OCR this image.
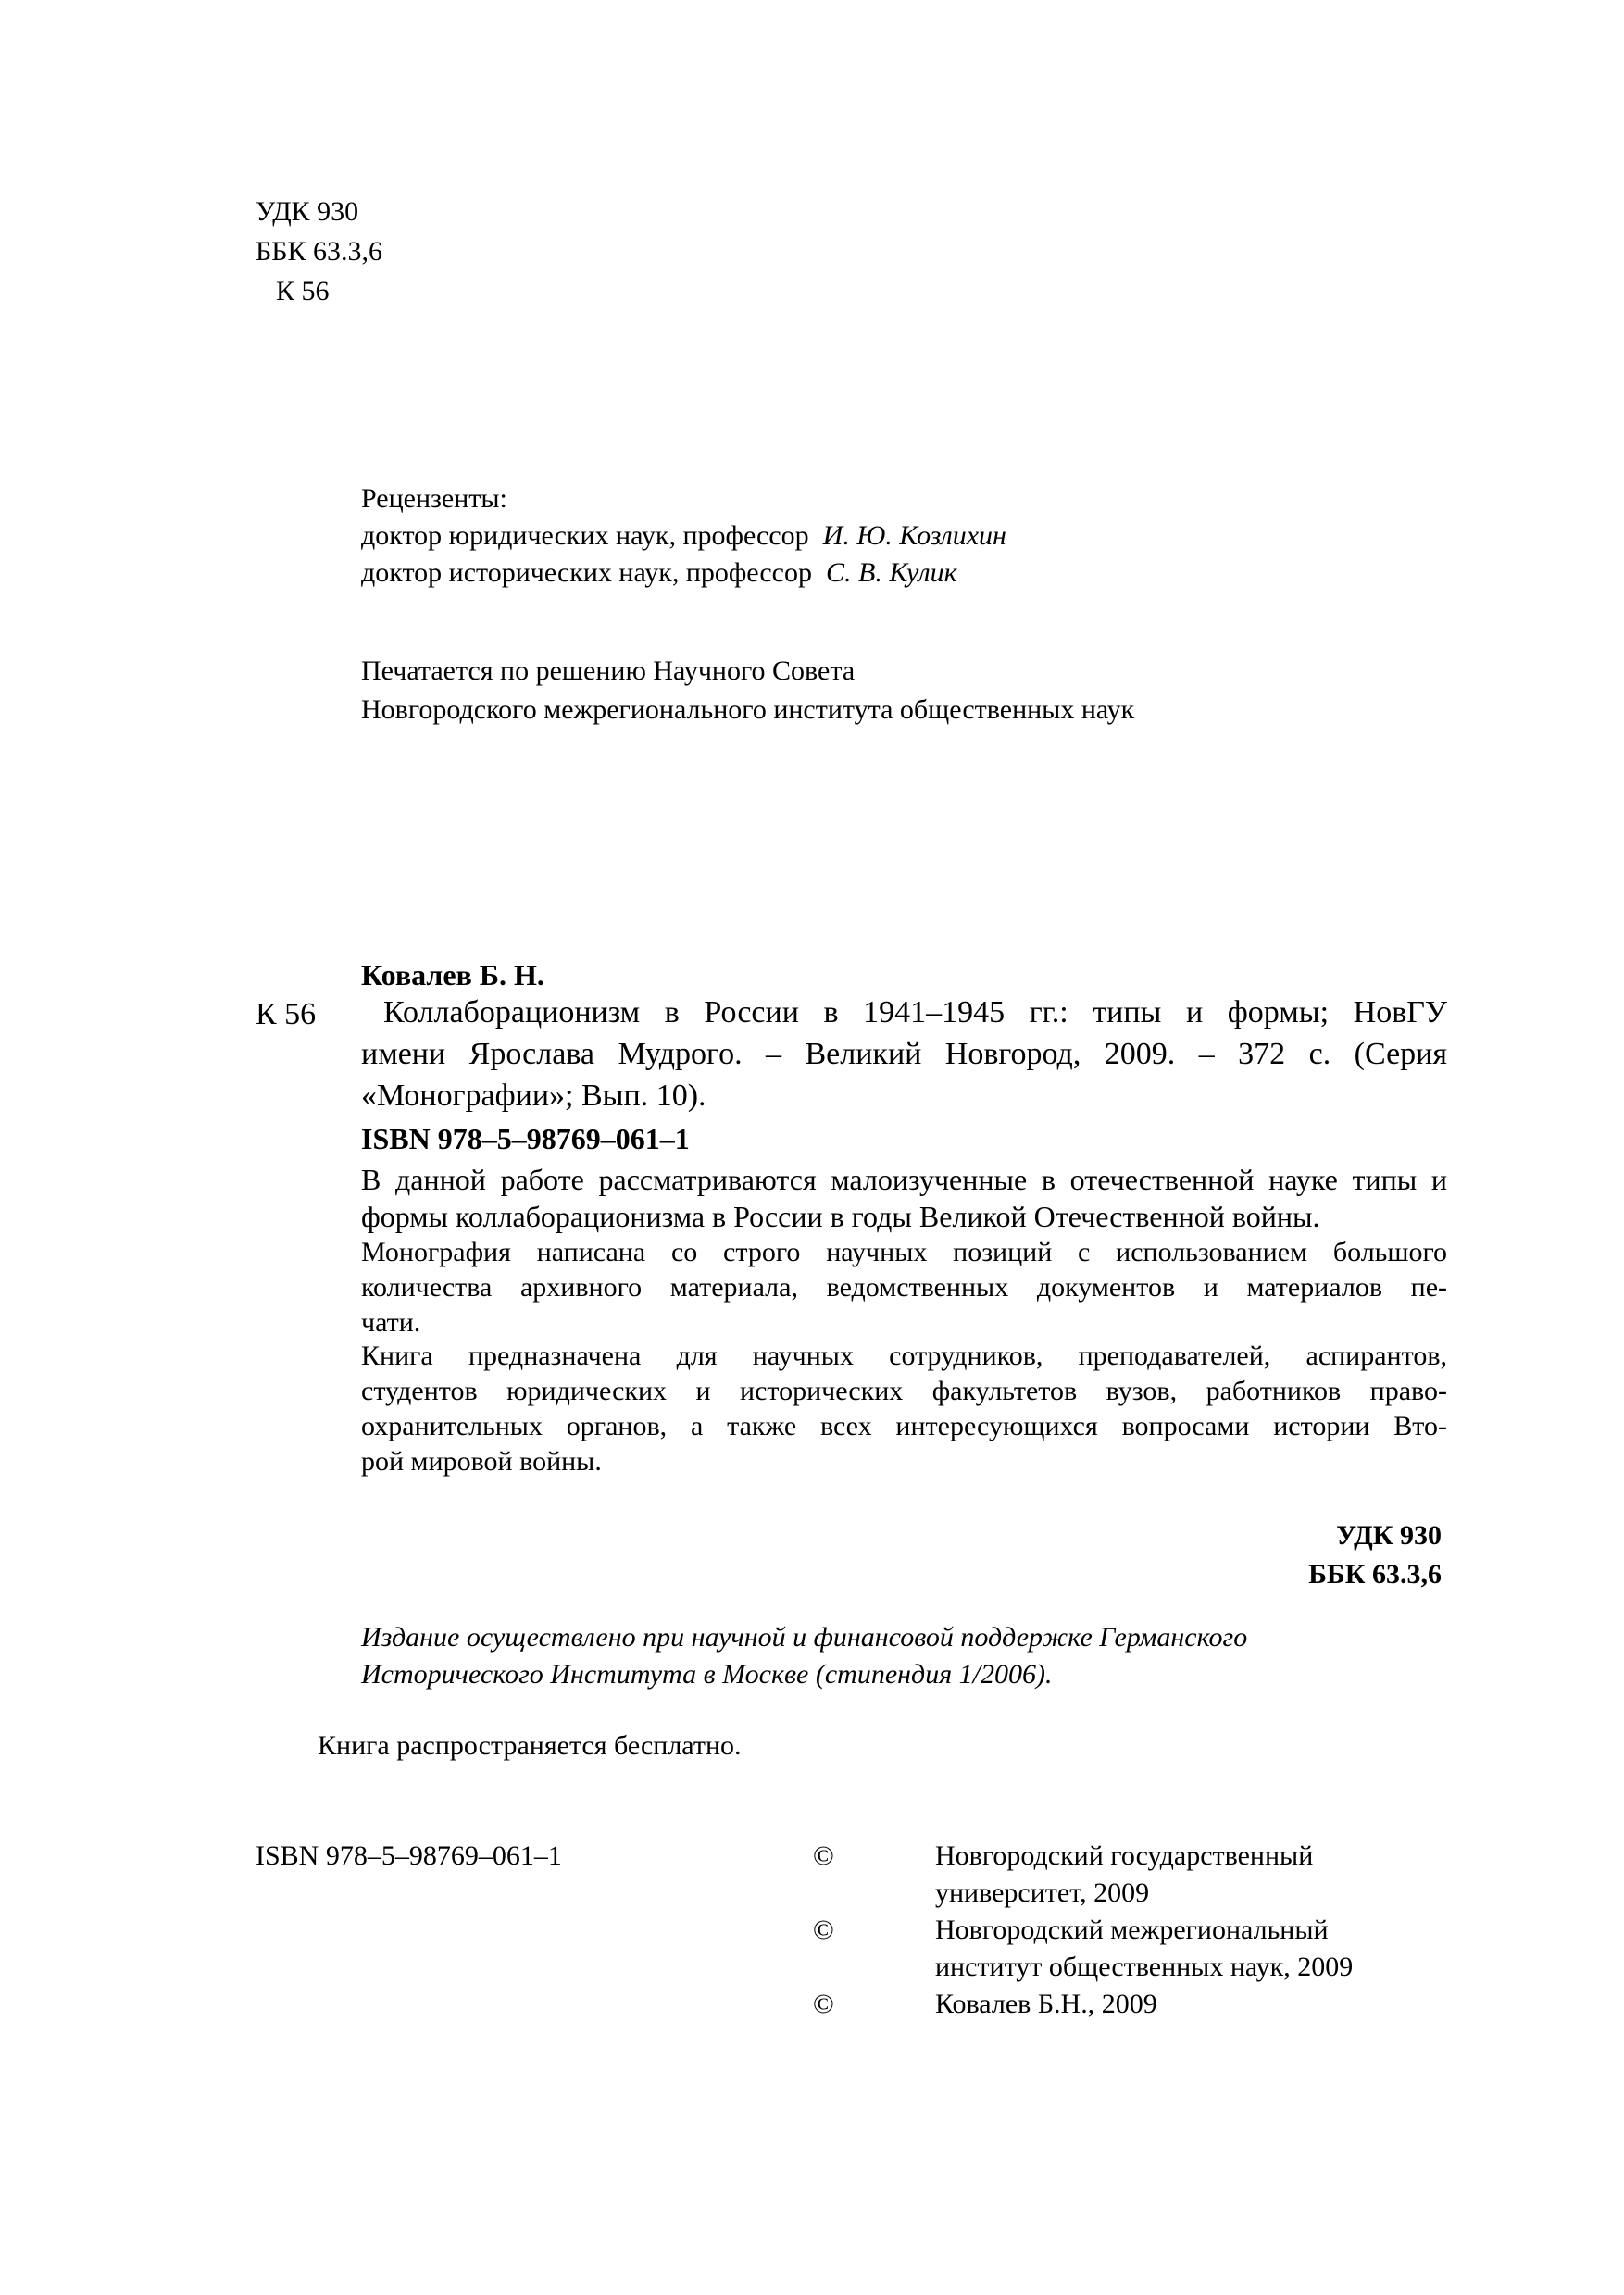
УДК 930
ББК 63.3,6
К 56
Рецензенты:
доктор юридических наук, профессор И. Ю. Козлихин
доктор исторических наук, профессор С. В. Кулик
Печатается по решению Научного Совета
Новгородского межрегионального института общественных наук
Ковалев Б. Н.
К 56	Коллаборационизм в России в 1941–1945 гг.: типы и формы; НовГУ
имени Ярослава Мудрого. – Великий Новгород, 2009. – 372 с. (Серия
«Монографии»; Вып. 10).
ISBN 978–5–98769–061–1
В данной работе рассматриваются малоизученные в отечественной науке типы и
формы коллаборационизма в России в годы Великой Отечественной войны.
Монография написана со строго научных позиций с использованием большого
количества архивного материала, ведомственных документов и материалов пе-
чати.
Книга предназначена для научных сотрудников, преподавателей, аспирантов,
студентов юридических и исторических факультетов вузов, работников право-
охранительных органов, а также всех интересующихся вопросами истории Вто-
рой мировой войны.
УДК 930
ББК 63.3,6
Издание осуществлено при научной и финансовой поддержке Германского
Исторического Института в Москве (стипендия 1/2006).
Книга распространяется бесплатно.
ISBN 978–5–98769–061–1	©	Новгородский государственный
университет, 2009
©	Новгородский межрегиональный
институт общественных наук, 2009
©	Ковалев Б.Н., 2009
